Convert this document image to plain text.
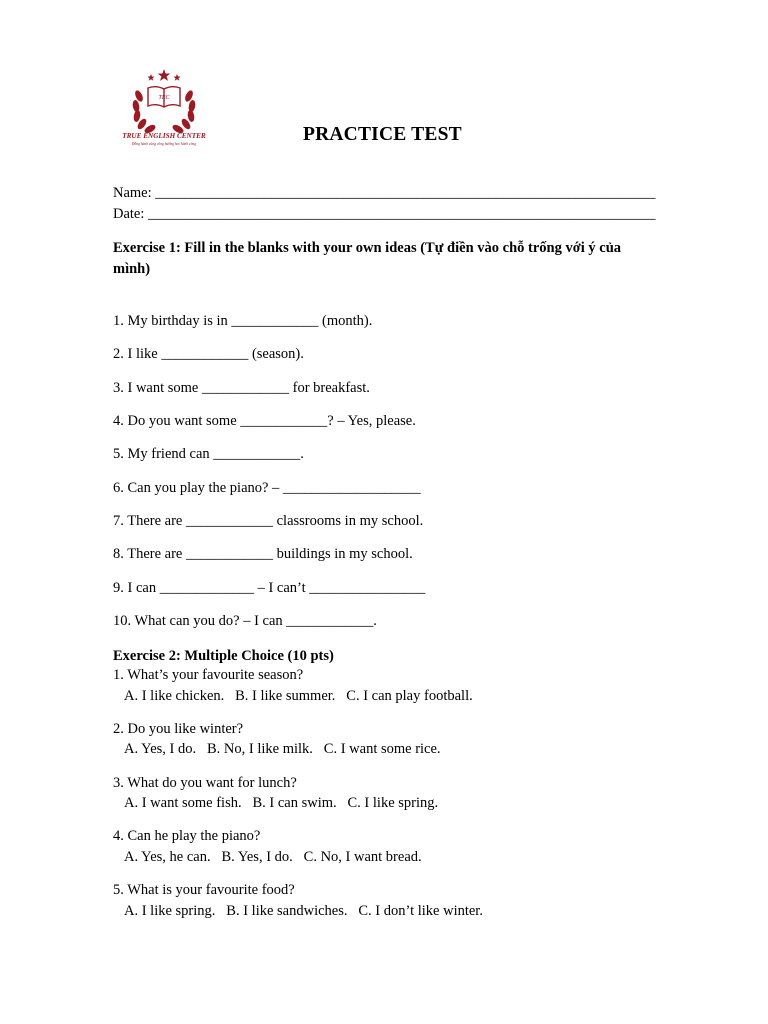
TEC
TRUE ENGLISH CENTER
Đồng hành cùng công hướng học hành công	PRACTICE TEST
Name: _____________________________________________________________________
Date: ______________________________________________________________________
Exercise 1: Fill in the blanks with your own ideas (Tự điền vào chỗ trống với ý của mình)
1. My birthday is in ____________ (month).
2. I like ____________ (season).
3. I want some ____________ for breakfast.
4. Do you want some ____________? – Yes, please.
5. My friend can ____________.
6. Can you play the piano? – ___________________
7. There are ____________ classrooms in my school.
8. There are ____________ buildings in my school.
9. I can _____________ – I can’t ________________
10. What can you do? – I can ____________.
Exercise 2: Multiple Choice (10 pts)
1. What’s your favourite season?
A. I like chicken.   B. I like summer.   C. I can play football.
2. Do you like winter?
A. Yes, I do.   B. No, I like milk.   C. I want some rice.
3. What do you want for lunch?
A. I want some fish.   B. I can swim.   C. I like spring.
4. Can he play the piano?
A. Yes, he can.   B. Yes, I do.   C. No, I want bread.
5. What is your favourite food?
A. I like spring.   B. I like sandwiches.   C. I don’t like winter.
